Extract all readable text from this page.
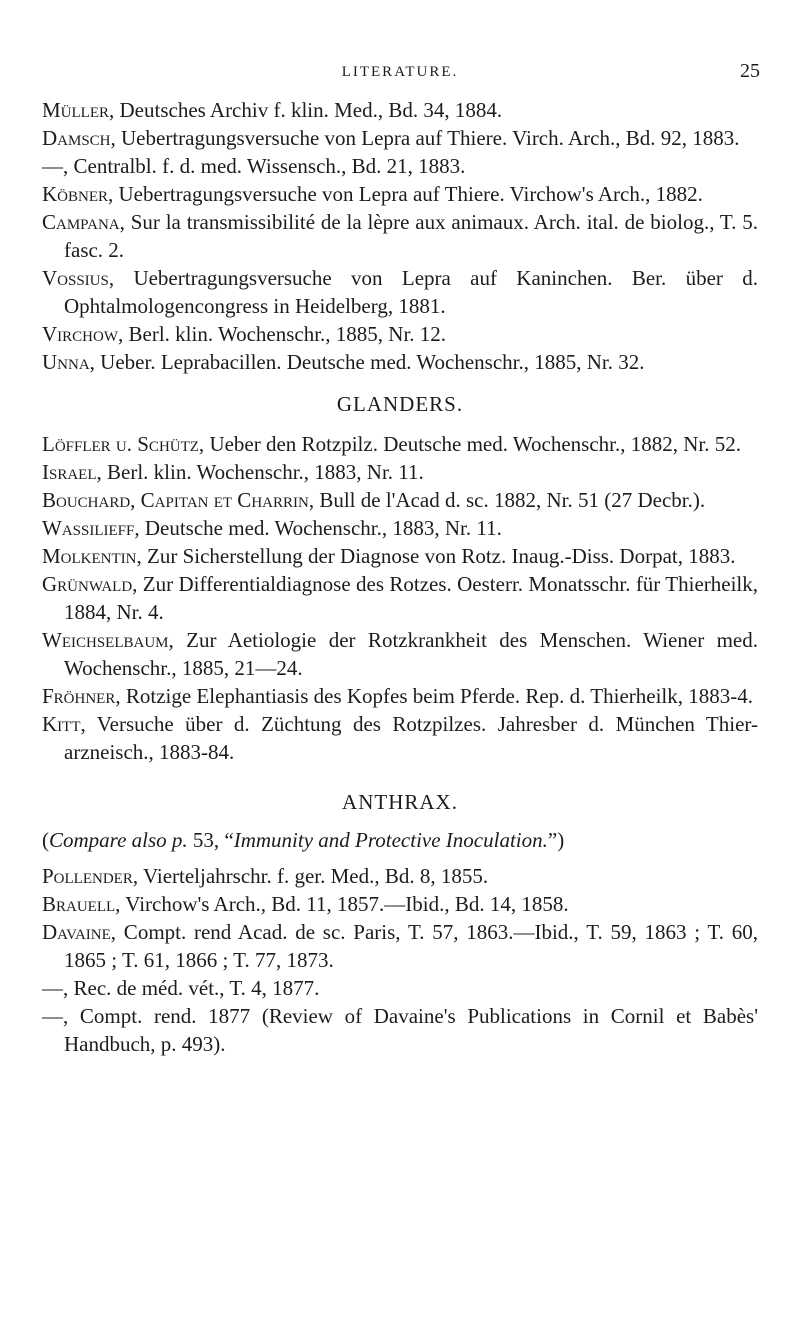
LITERATURE.	25

Müller, Deutsches Archiv f. klin. Med., Bd. 34, 1884.

Damsch, Uebertragungsversuche von Lepra auf Thiere. Virch. Arch., Bd. 92, 1883.

—, Centralbl. f. d. med. Wissensch., Bd. 21, 1883.

Köbner, Uebertragungsversuche von Lepra auf Thiere. Virchow's Arch., 1882.

Campana, Sur la transmissibilité de la lèpre aux animaux. Arch. ital. de biolog., T. 5. fasc. 2.

Vossius, Uebertragungsversuche von Lepra auf Kaninchen. Ber. über d. Ophtalmologencongress in Heidelberg, 1881.

Virchow, Berl. klin. Wochenschr., 1885, Nr. 12.

Unna, Ueber. Leprabacillen. Deutsche med. Wochenschr., 1885, Nr. 32.

GLANDERS.

Löffler u. Schütz, Ueber den Rotzpilz. Deutsche med. Wochenschr., 1882, Nr. 52.

Israel, Berl. klin. Wochenschr., 1883, Nr. 11.

Bouchard, Capitan et Charrin, Bull de l'Acad d. sc. 1882, Nr. 51 (27 Decbr.).

Wassilieff, Deutsche med. Wochenschr., 1883, Nr. 11.

Molkentin, Zur Sicherstellung der Diagnose von Rotz. Inaug.-Diss. Dorpat, 1883.

Grünwald, Zur Differentialdiagnose des Rotzes. Oesterr. Monatsschr. für Thierheilk, 1884, Nr. 4.

Weichselbaum, Zur Aetiologie der Rotzkrankheit des Menschen. Wiener med. Wochenschr., 1885, 21—24.

Fröhner, Rotzige Elephantiasis des Kopfes beim Pferde. Rep. d. Thierheilk, 1883-4.

Kitt, Versuche über d. Züchtung des Rotzpilzes. Jahresber d. München Thier-arzneisch., 1883-84.

ANTHRAX.

(Compare also p. 53, “Immunity and Protective Inoculation.”)

Pollender, Vierteljahrschr. f. ger. Med., Bd. 8, 1855.

Brauell, Virchow's Arch., Bd. 11, 1857.—Ibid., Bd. 14, 1858.

Davaine, Compt. rend Acad. de sc. Paris, T. 57, 1863.—Ibid., T. 59, 1863 ; T. 60, 1865 ; T. 61, 1866 ; T. 77, 1873.

—, Rec. de méd. vét., T. 4, 1877.

—, Compt. rend. 1877 (Review of Davaine's Publications in Cornil et Babès' Handbuch, p. 493).
